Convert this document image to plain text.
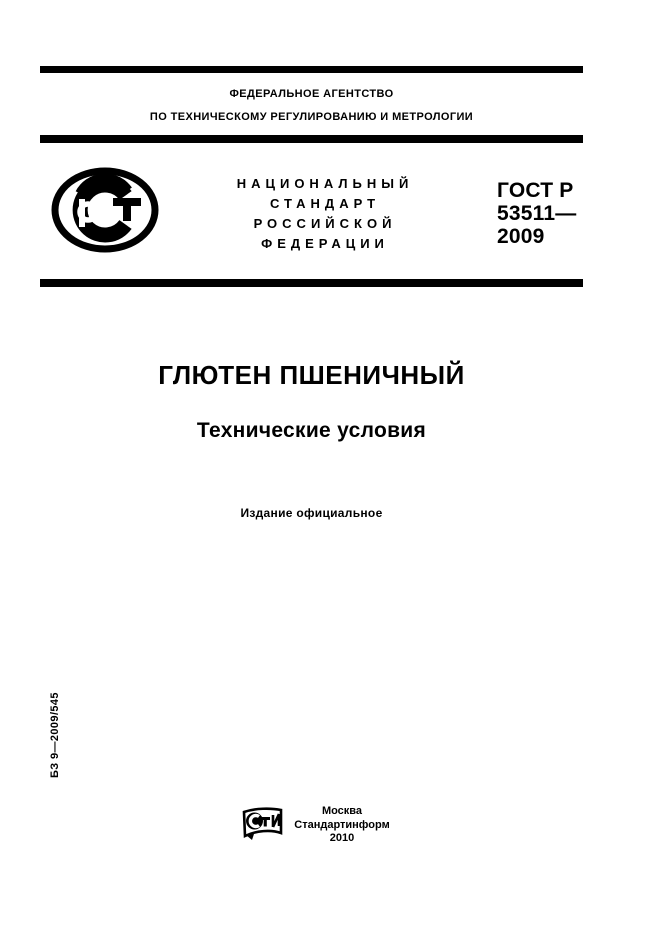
ФЕДЕРАЛЬНОЕ АГЕНТСТВО
ПО ТЕХНИЧЕСКОМУ РЕГУЛИРОВАНИЮ И МЕТРОЛОГИИ
НАЦИОНАЛЬНЫЙ
СТАНДАРТ
РОССИЙСКОЙ
ФЕДЕРАЦИИ
ГОСТ Р
53511—
2009
ГЛЮТЕН ПШЕНИЧНЫЙ
Технические условия
Издание официальное
БЗ 9—2009/545
Москва
Стандартинформ
2010
